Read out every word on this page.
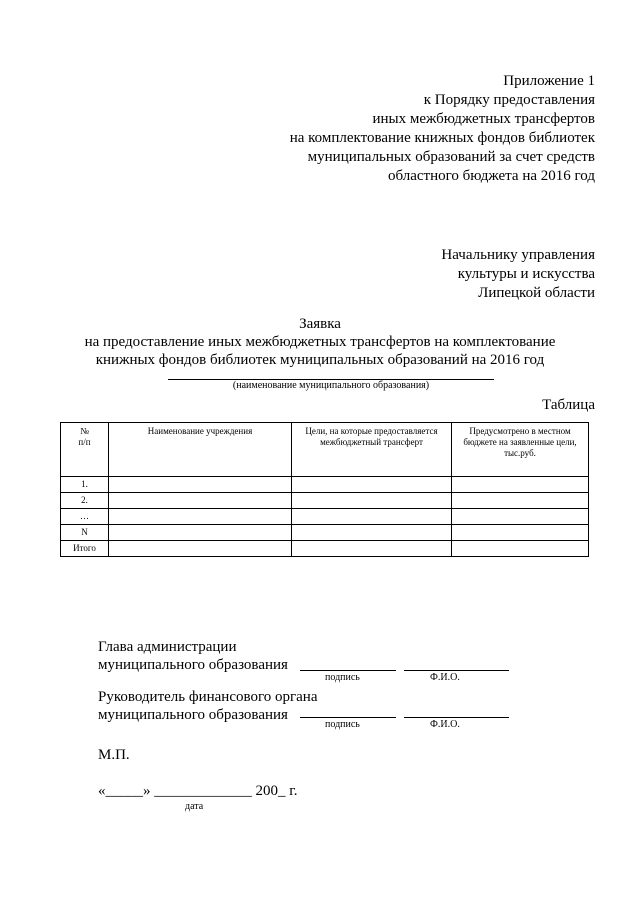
Приложение 1
к Порядку предоставления
иных межбюджетных трансфертов
на комплектование книжных фондов библиотек
муниципальных образований за счет средств
областного бюджета на 2016 год
Начальнику управления
культуры и искусства
Липецкой области
Заявка
на предоставление иных межбюджетных трансфертов на комплектование
книжных фондов библиотек муниципальных образований на 2016 год
(наименование муниципального образования)
Таблица
№
п/п	Наименование учреждения	Цели, на которые предоставляется межбюджетный трансферт	Предусмотрено в местном бюджете на заявленные цели, тыс.руб.
1.			
2.			
…			
N			
Итого			
Глава администрации
муниципального образования
подпись	Ф.И.О.
Руководитель финансового органа
муниципального образования
подпись	Ф.И.О.
М.П.
«_____» _____________ 200_ г.
дата
